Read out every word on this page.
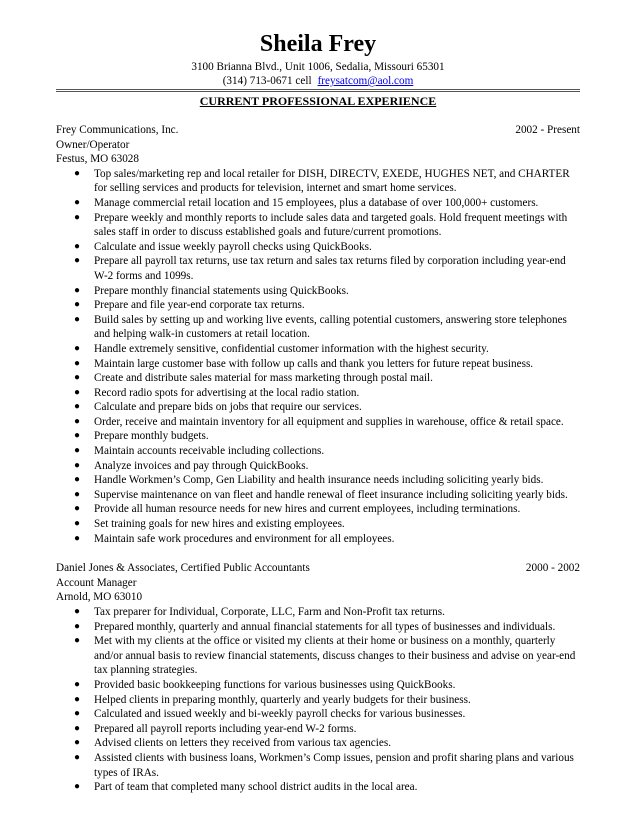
Sheila Frey
3100 Brianna Blvd., Unit 1006, Sedalia, Missouri 65301
(314) 713-0671 cell freysatcom@aol.com
CURRENT PROFESSIONAL EXPERIENCE
Frey Communications, Inc.	2002 - Present
Owner/Operator
Festus, MO 63028
● Top sales/marketing rep and local retailer for DISH, DIRECTV, EXEDE, HUGHES NET, and CHARTER for selling services and products for television, internet and smart home services.
● Manage commercial retail location and 15 employees, plus a database of over 100,000+ customers.
● Prepare weekly and monthly reports to include sales data and targeted goals. Hold frequent meetings with sales staff in order to discuss established goals and future/current promotions.
● Calculate and issue weekly payroll checks using QuickBooks.
● Prepare all payroll tax returns, use tax return and sales tax returns filed by corporation including year-end W-2 forms and 1099s.
● Prepare monthly financial statements using QuickBooks.
● Prepare and file year-end corporate tax returns.
● Build sales by setting up and working live events, calling potential customers, answering store telephones and helping walk-in customers at retail location.
● Handle extremely sensitive, confidential customer information with the highest security.
● Maintain large customer base with follow up calls and thank you letters for future repeat business.
● Create and distribute sales material for mass marketing through postal mail.
● Record radio spots for advertising at the local radio station.
● Calculate and prepare bids on jobs that require our services.
● Order, receive and maintain inventory for all equipment and supplies in warehouse, office & retail space.
● Prepare monthly budgets.
● Maintain accounts receivable including collections.
● Analyze invoices and pay through QuickBooks.
● Handle Workmen’s Comp, Gen Liability and health insurance needs including soliciting yearly bids.
● Supervise maintenance on van fleet and handle renewal of fleet insurance including soliciting yearly bids.
● Provide all human resource needs for new hires and current employees, including terminations.
● Set training goals for new hires and existing employees.
● Maintain safe work procedures and environment for all employees.
Daniel Jones & Associates, Certified Public Accountants	2000 - 2002
Account Manager
Arnold, MO 63010
● Tax preparer for Individual, Corporate, LLC, Farm and Non-Profit tax returns.
● Prepared monthly, quarterly and annual financial statements for all types of businesses and individuals.
● Met with my clients at the office or visited my clients at their home or business on a monthly, quarterly and/or annual basis to review financial statements, discuss changes to their business and advise on year-end tax planning strategies.
● Provided basic bookkeeping functions for various businesses using QuickBooks.
● Helped clients in preparing monthly, quarterly and yearly budgets for their business.
● Calculated and issued weekly and bi-weekly payroll checks for various businesses.
● Prepared all payroll reports including year-end W-2 forms.
● Advised clients on letters they received from various tax agencies.
● Assisted clients with business loans, Workmen’s Comp issues, pension and profit sharing plans and various types of IRAs.
● Part of team that completed many school district audits in the local area.
